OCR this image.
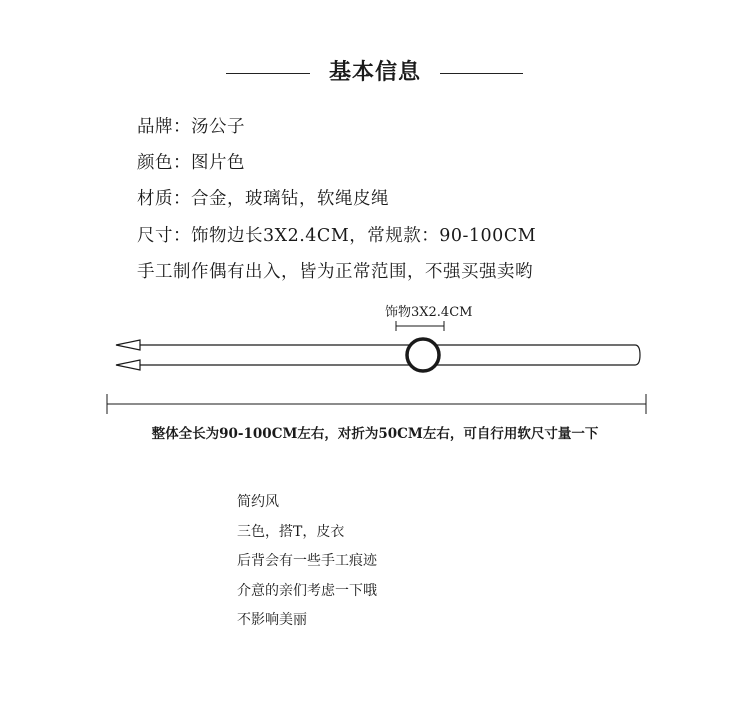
基本信息
品牌：汤公子
颜色：图片色
材质：合金，玻璃钻，软绳皮绳
尺寸：饰物边长3X2.4CM，常规款：90-100CM
手工制作偶有出入，皆为正常范围，不强买强卖哟
饰物3X2.4CM
整体全长为90-100CM左右，对折为50CM左右，可自行用软尺寸量一下
简约风
三色，搭T，皮衣
后背会有一些手工痕迹
介意的亲们考虑一下哦
不影响美丽
